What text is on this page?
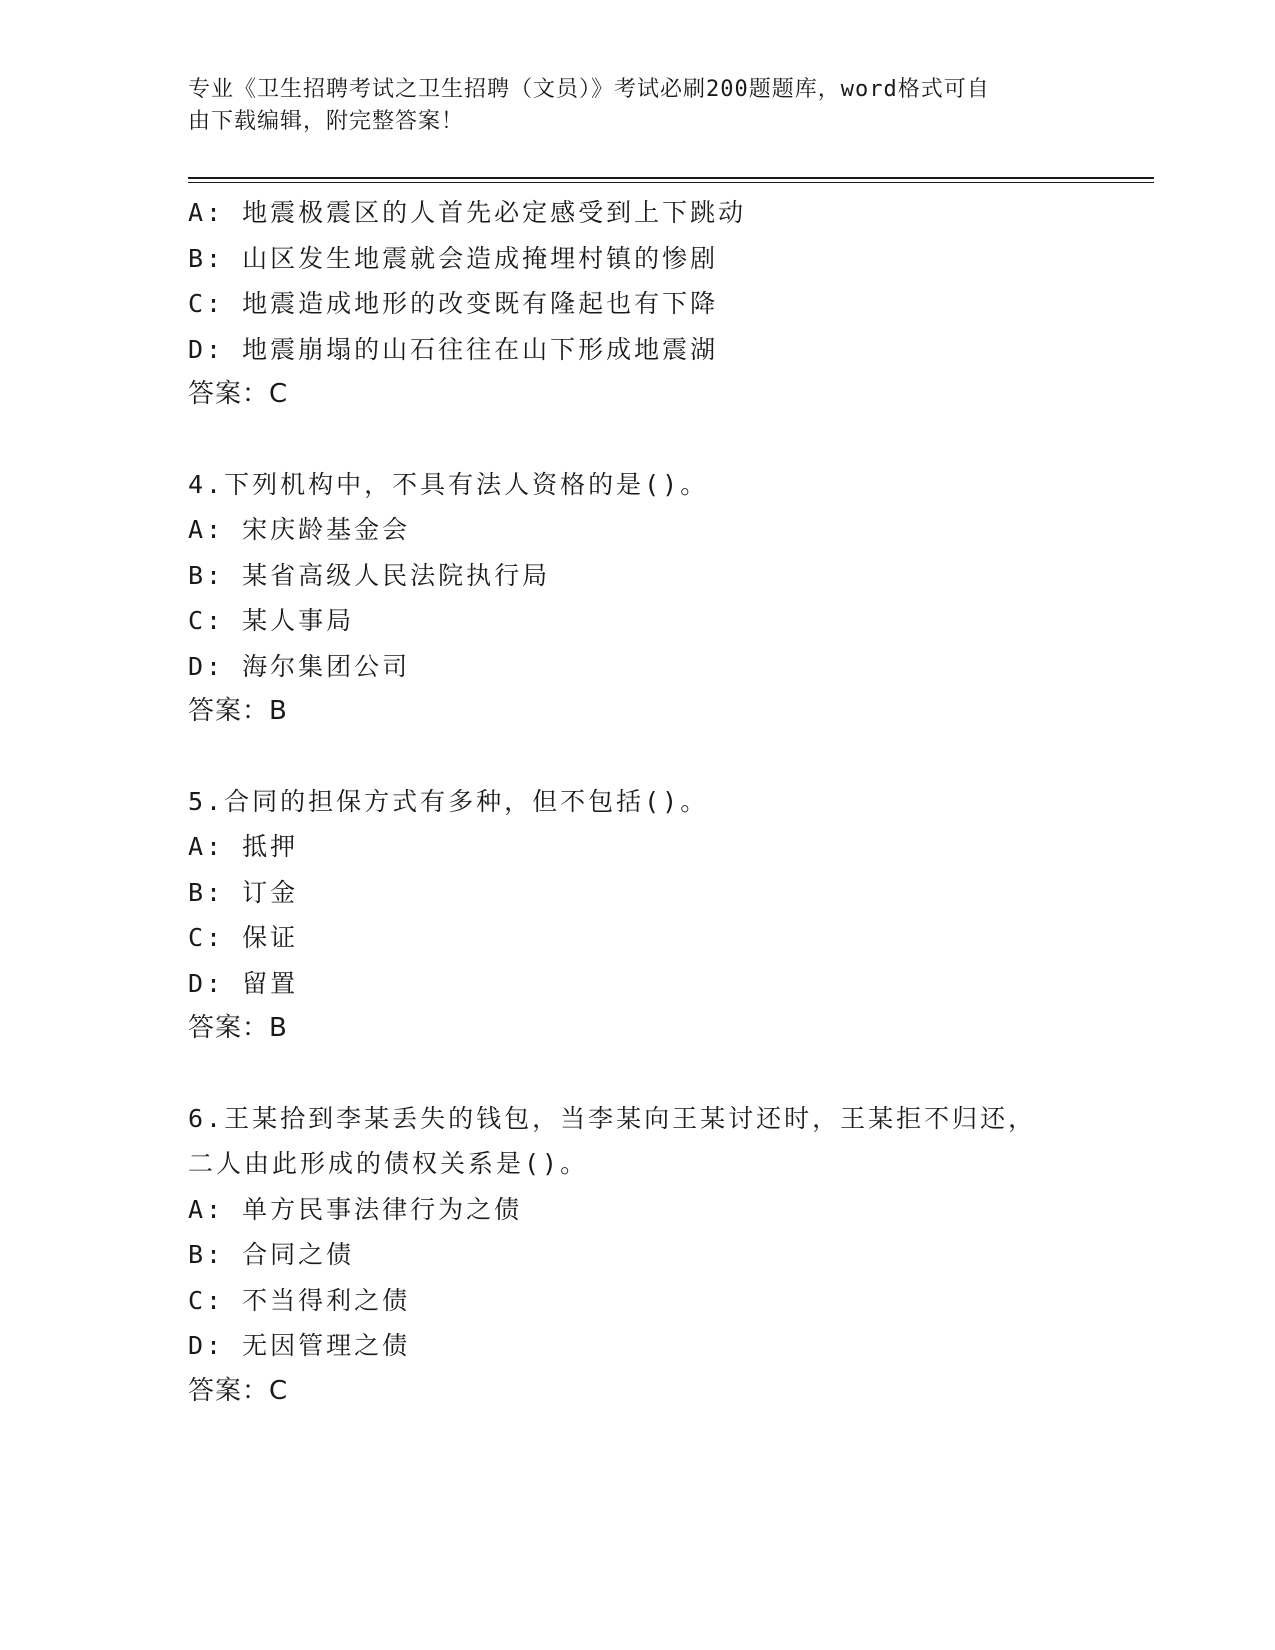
专业《卫生招聘考试之卫生招聘（文员）》考试必刷200题题库，word格式可自
由下载编辑，附完整答案！
A: 地震极震区的人首先必定感受到上下跳动
B: 山区发生地震就会造成掩埋村镇的惨剧
C: 地震造成地形的改变既有隆起也有下降
D: 地震崩塌的山石往往在山下形成地震湖
答案：C
4.下列机构中，不具有法人资格的是()。
A: 宋庆龄基金会
B: 某省高级人民法院执行局
C: 某人事局
D: 海尔集团公司
答案：B
5.合同的担保方式有多种，但不包括()。
A: 抵押
B: 订金
C: 保证
D: 留置
答案：B
6.王某拾到李某丢失的钱包，当李某向王某讨还时，王某拒不归还，
二人由此形成的债权关系是()。
A: 单方民事法律行为之债
B: 合同之债
C: 不当得利之债
D: 无因管理之债
答案：C
